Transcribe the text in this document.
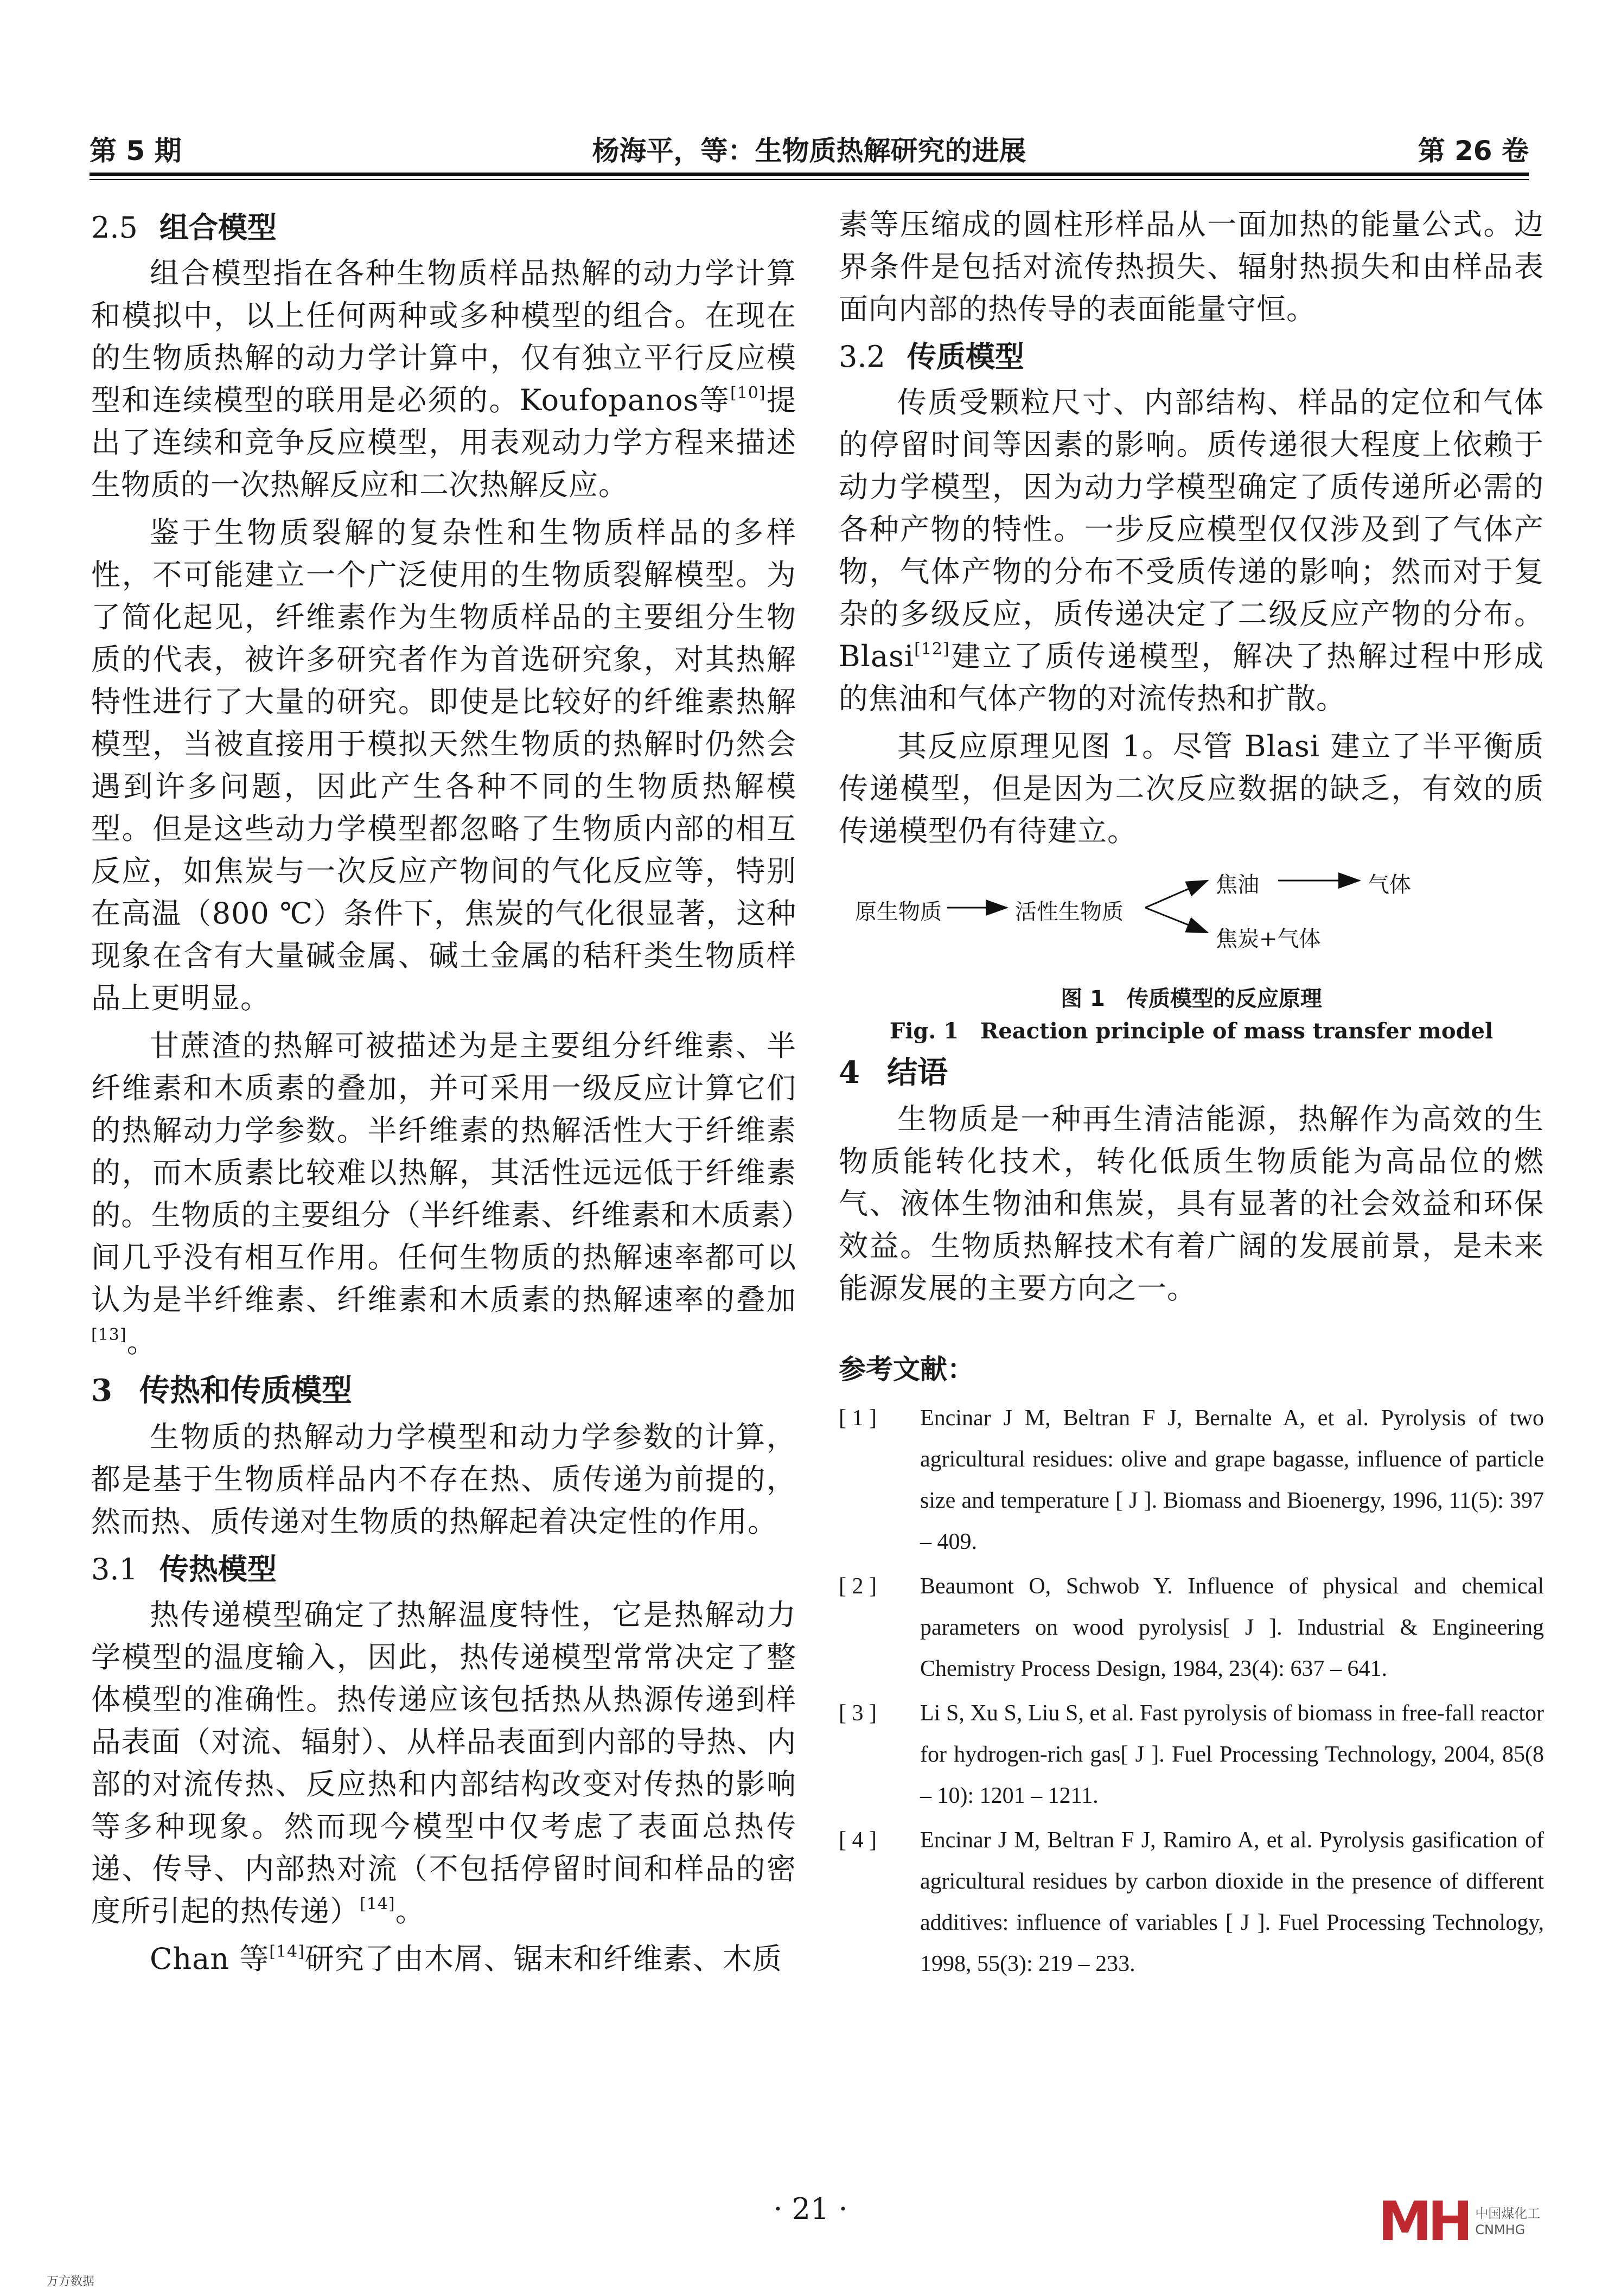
第 5 期	杨海平，等：生物质热解研究的进展	第 26 卷
2.5 组合模型

组合模型指在各种生物质样品热解的动力学计算和模拟中，以上任何两种或多种模型的组合。在现在的生物质热解的动力学计算中，仅有独立平行反应模型和连续模型的联用是必须的。Koufopanos等[10]提出了连续和竞争反应模型，用表观动力学方程来描述生物质的一次热解反应和二次热解反应。

鉴于生物质裂解的复杂性和生物质样品的多样性，不可能建立一个广泛使用的生物质裂解模型。为了简化起见，纤维素作为生物质样品的主要组分生物质的代表，被许多研究者作为首选研究象，对其热解特性进行了大量的研究。即使是比较好的纤维素热解模型，当被直接用于模拟天然生物质的热解时仍然会遇到许多问题，因此产生各种不同的生物质热解模型。但是这些动力学模型都忽略了生物质内部的相互反应，如焦炭与一次反应产物间的气化反应等，特别在高温（800 ℃）条件下，焦炭的气化很显著，这种现象在含有大量碱金属、碱土金属的秸秆类生物质样品上更明显。

甘蔗渣的热解可被描述为是主要组分纤维素、半纤维素和木质素的叠加，并可采用一级反应计算它们的热解动力学参数。半纤维素的热解活性大于纤维素的，而木质素比较难以热解，其活性远远低于纤维素的。生物质的主要组分（半纤维素、纤维素和木质素）间几乎没有相互作用。任何生物质的热解速率都可以认为是半纤维素、纤维素和木质素的热解速率的叠加[13]。

3 传热和传质模型

生物质的热解动力学模型和动力学参数的计算，都是基于生物质样品内不存在热、质传递为前提的，然而热、质传递对生物质的热解起着决定性的作用。

3.1 传热模型

热传递模型确定了热解温度特性，它是热解动力学模型的温度输入，因此，热传递模型常常决定了整体模型的准确性。热传递应该包括热从热源传递到样品表面（对流、辐射）、从样品表面到内部的导热、内部的对流传热、反应热和内部结构改变对传热的影响等多种现象。然而现今模型中仅考虑了表面总热传递、传导、内部热对流（不包括停留时间和样品的密度所引起的热传递）[14]。

Chan 等[14]研究了由木屑、锯末和纤维素、木质

素等压缩成的圆柱形样品从一面加热的能量公式。边界条件是包括对流传热损失、辐射热损失和由样品表面向内部的热传导的表面能量守恒。

3.2 传质模型

传质受颗粒尺寸、内部结构、样品的定位和气体的停留时间等因素的影响。质传递很大程度上依赖于动力学模型，因为动力学模型确定了质传递所必需的各种产物的特性。一步反应模型仅仅涉及到了气体产物，气体产物的分布不受质传递的影响；然而对于复杂的多级反应，质传递决定了二级反应产物的分布。Blasi[12]建立了质传递模型，解决了热解过程中形成的焦油和气体产物的对流传热和扩散。

其反应原理见图 1。尽管 Blasi 建立了半平衡质传递模型，但是因为二次反应数据的缺乏，有效的质传递模型仍有待建立。

原生物质	活性生物质
焦油	气体
焦炭+气体
图 1　传质模型的反应原理
Fig. 1　Reaction principle of mass transfer model
4 结语

生物质是一种再生清洁能源，热解作为高效的生物质能转化技术，转化低质生物质能为高品位的燃气、液体生物油和焦炭，具有显著的社会效益和环保效益。生物质热解技术有着广阔的发展前景，是未来能源发展的主要方向之一。

参考文献：
[ 1 ]	Encinar J M, Beltran F J, Bernalte A, et al. Pyrolysis of two agricultural residues: olive and grape bagasse, influence of particle size and temperature [ J ]. Biomass and Bioenergy, 1996, 11(5): 397 – 409.
[ 2 ]	Beaumont O, Schwob Y. Influence of physical and chemical parameters on wood pyrolysis[ J ]. Industrial & Engineering Chemistry Process Design, 1984, 23(4): 637 – 641.
[ 3 ]	Li S, Xu S, Liu S, et al. Fast pyrolysis of biomass in free-fall reactor for hydrogen-rich gas[ J ]. Fuel Processing Technology, 2004, 85(8 – 10): 1201 – 1211.
[ 4 ]	Encinar J M, Beltran F J, Ramiro A, et al. Pyrolysis gasification of agricultural residues by carbon dioxide in the presence of different additives: influence of variables [ J ]. Fuel Processing Technology, 1998, 55(3): 219 – 233.
· 21 ·	MH 中国煤化工
CNMHG
万方数据
